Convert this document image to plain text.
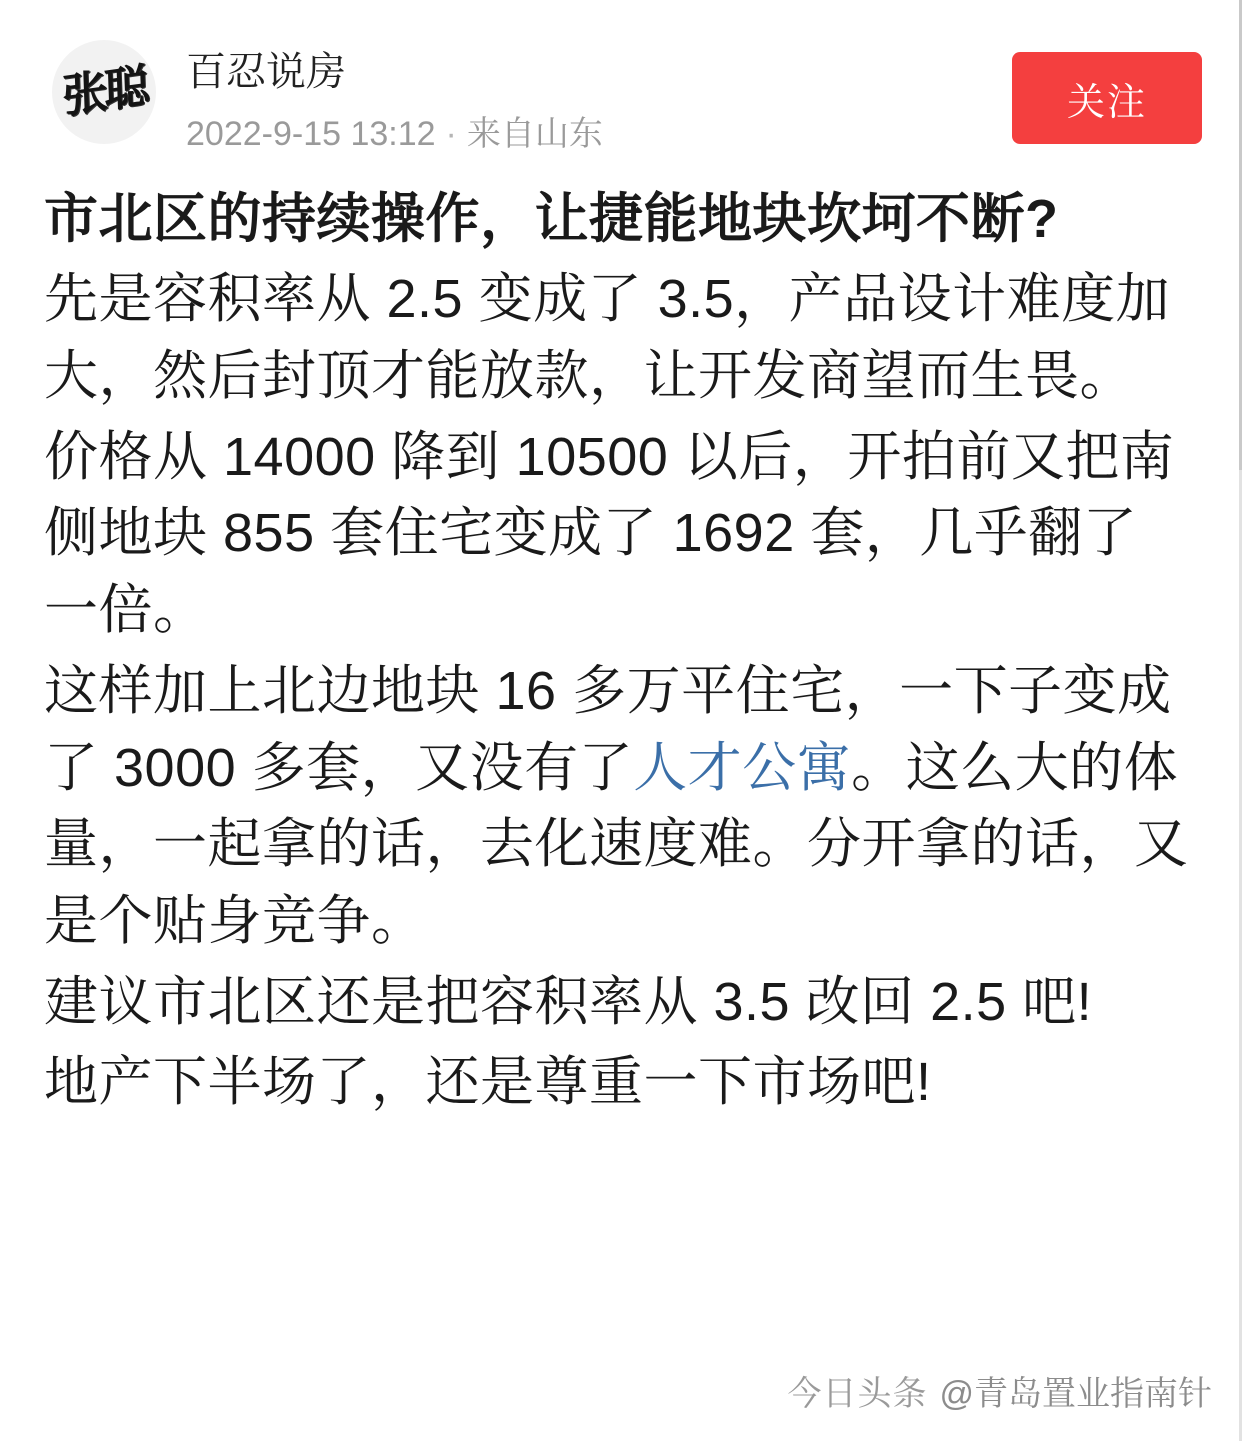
张聪 百忍说房
2022-9-15 13:12 · 来自山东
关注

市北区的持续操作，让捷能地块坎坷不断?

先是容积率从 2.5 变成了 3.5，产品设计难度加大，然后封顶才能放款，让开发商望而生畏。

价格从 14000 降到 10500 以后，开拍前又把南侧地块 855 套住宅变成了 1692 套，几乎翻了一倍。

这样加上北边地块 16 多万平住宅，一下子变成了 3000 多套，又没有了人才公寓。这么大的体量，一起拿的话，去化速度难。分开拿的话，又是个贴身竞争。

建议市北区还是把容积率从 3.5 改回 2.5 吧!

地产下半场了，还是尊重一下市场吧!

今日头条 @青岛置业指南针
